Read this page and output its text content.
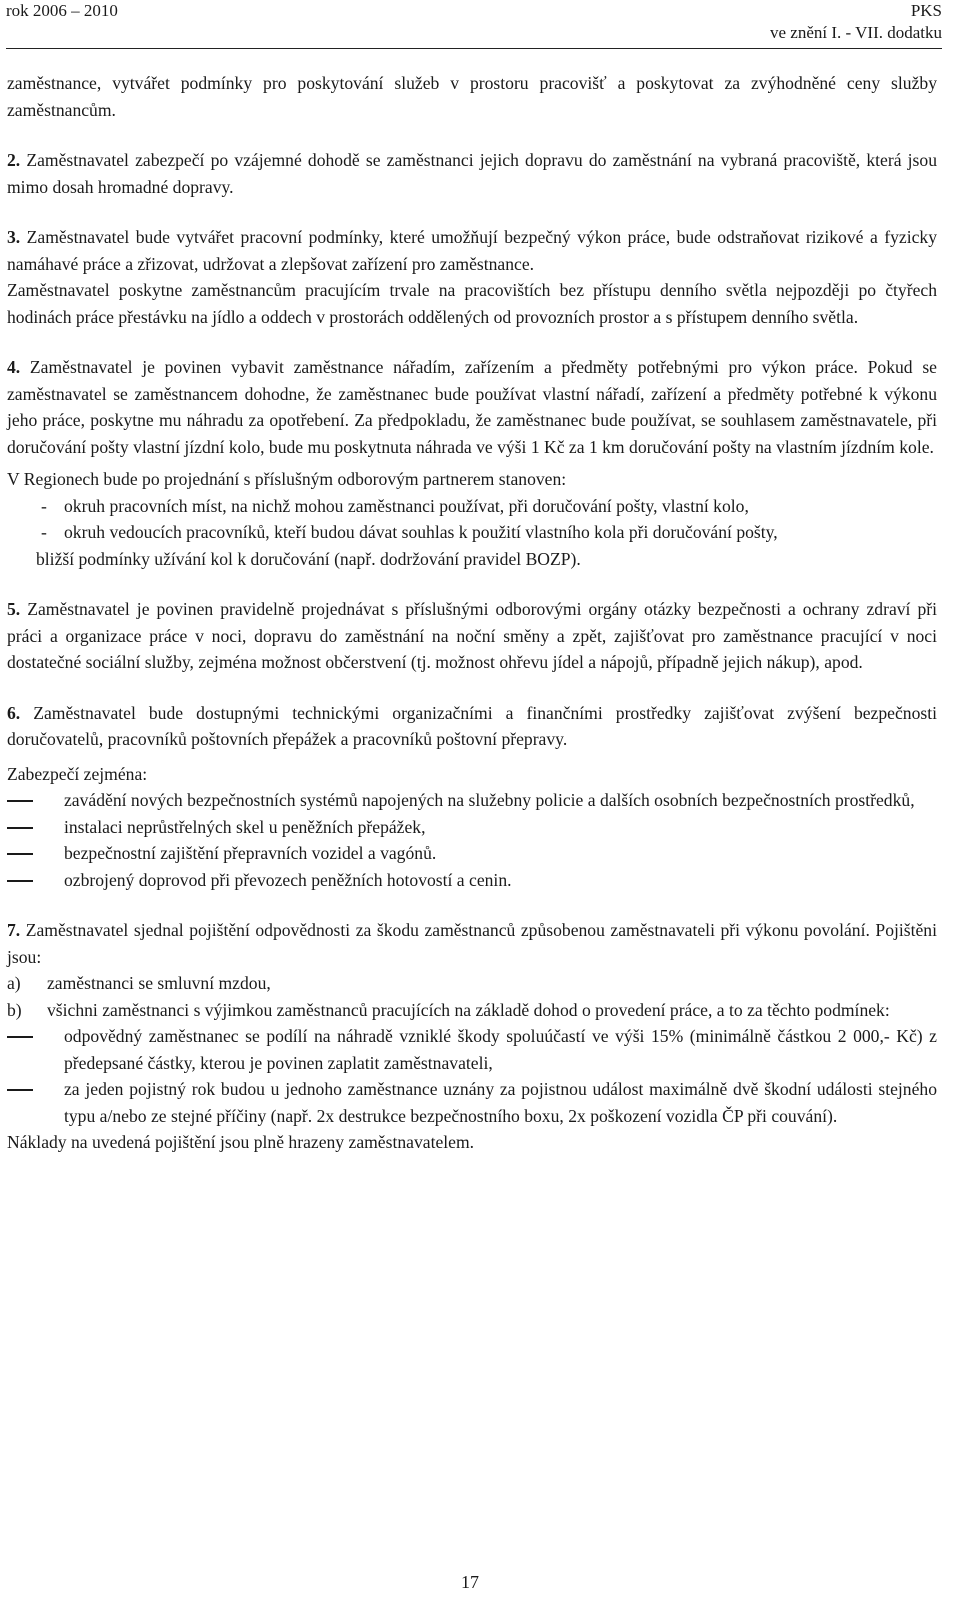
rok 2006 – 2010	PKS
ve znění I. - VII. dodatku

zaměstnance, vytvářet podmínky pro poskytování služeb v prostoru pracovišť a poskytovat za zvýhodněné ceny služby zaměstnancům.

2. Zaměstnavatel zabezpečí po vzájemné dohodě se zaměstnanci jejich dopravu do zaměstnání na vybraná pracoviště, která jsou mimo dosah hromadné dopravy.

3. Zaměstnavatel bude vytvářet pracovní podmínky, které umožňují bezpečný výkon práce, bude odstraňovat rizikové a fyzicky namáhavé práce a zřizovat, udržovat a zlepšovat zařízení pro zaměstnance.

Zaměstnavatel poskytne zaměstnancům pracujícím trvale na pracovištích bez přístupu denního světla nejpozději po čtyřech hodinách práce přestávku na jídlo a oddech v prostorách oddělených od provozních prostor a s přístupem denního světla.

4. Zaměstnavatel je povinen vybavit zaměstnance nářadím, zařízením a předměty potřebnými pro výkon práce. Pokud se zaměstnavatel se zaměstnancem dohodne, že zaměstnanec bude používat vlastní nářadí, zařízení a předměty potřebné k výkonu jeho práce, poskytne mu náhradu za opotřebení. Za předpokladu, že zaměstnanec bude používat, se souhlasem zaměstnavatele, při doručování pošty vlastní jízdní kolo, bude mu poskytnuta náhrada ve výši 1 Kč za 1 km doručování pošty na vlastním jízdním kole.

V Regionech bude po projednání s příslušným odborovým partnerem stanoven:

- okruh pracovních míst, na nichž mohou zaměstnanci používat, při doručování pošty, vlastní kolo,
- okruh vedoucích pracovníků, kteří budou dávat souhlas k použití vlastního kola při doručování pošty,

bližší podmínky užívání kol k doručování (např. dodržování pravidel BOZP).

5. Zaměstnavatel je povinen pravidelně projednávat s příslušnými odborovými orgány otázky bezpečnosti a ochrany zdraví při práci a organizace práce v noci, dopravu do zaměstnání na noční směny a zpět, zajišťovat pro zaměstnance pracující v noci dostatečné sociální služby, zejména možnost občerstvení (tj. možnost ohřevu jídel a nápojů, případně jejich nákup), apod.

6. Zaměstnavatel bude dostupnými technickými organizačními a finančními prostředky zajišťovat zvýšení bezpečnosti doručovatelů, pracovníků poštovních přepážek a pracovníků poštovní přepravy.

Zabezpečí zejména:

zavádění nových bezpečnostních systémů napojených na služebny policie a dalších osobních bezpečnostních prostředků,
instalaci neprůstřelných skel u peněžních přepážek,
bezpečnostní zajištění přepravních vozidel a vagónů.
ozbrojený doprovod při převozech peněžních hotovostí a cenin.

7. Zaměstnavatel sjednal pojištění odpovědnosti za škodu zaměstnanců způsobenou zaměstnavateli při výkonu povolání. Pojištěni jsou:

a) zaměstnanci se smluvní mzdou,
b) všichni zaměstnanci s výjimkou zaměstnanců pracujících na základě dohod o provedení práce, a to za těchto podmínek:
odpovědný zaměstnanec se podílí na náhradě vzniklé škody spoluúčastí ve výši 15% (minimálně částkou 2 000,- Kč) z předepsané částky, kterou je povinen zaplatit zaměstnavateli,
za jeden pojistný rok budou u jednoho zaměstnance uznány za pojistnou událost maximálně dvě škodní události stejného typu a/nebo ze stejné příčiny (např. 2x destrukce bezpečnostního boxu, 2x poškození vozidla ČP při couvání).

Náklady na uvedená pojištění jsou plně hrazeny zaměstnavatelem.

17
